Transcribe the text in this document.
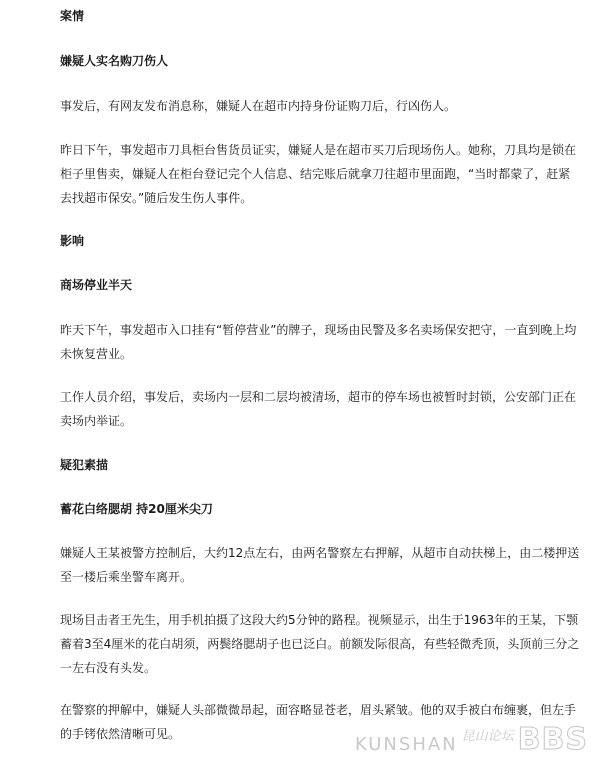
案情

嫌疑人实名购刀伤人

事发后，有网友发布消息称，嫌疑人在超市内持身份证购刀后，行凶伤人。

昨日下午，事发超市刀具柜台售货员证实，嫌疑人是在超市买刀后现场伤人。她称，刀具均是锁在柜子里售卖，嫌疑人在柜台登记完个人信息、结完账后就拿刀往超市里面跑，“当时都蒙了，赶紧去找超市保安。”随后发生伤人事件。

影响

商场停业半天

昨天下午，事发超市入口挂有“暂停营业”的牌子，现场由民警及多名卖场保安把守，一直到晚上均未恢复营业。

工作人员介绍，事发后，卖场内一层和二层均被清场，超市的停车场也被暂时封锁，公安部门正在卖场内举证。

疑犯素描

蓄花白络腮胡 持20厘米尖刀

嫌疑人王某被警方控制后，大约12点左右，由两名警察左右押解，从超市自动扶梯上，由二楼押送至一楼后乘坐警车离开。

现场目击者王先生，用手机拍摄了这段大约5分钟的路程。视频显示，出生于1963年的王某，下颚蓄着3至4厘米的花白胡须，两鬓络腮胡子也已泛白。前额发际很高，有些轻微秃顶，头顶前三分之一左右没有头发。

在警察的押解中，嫌疑人头部微微昂起，面容略显苍老，眉头紧皱。他的双手被白布缠裹，但左手的手铐依然清晰可见。	KUNSHAN 昆山论坛 BBS
